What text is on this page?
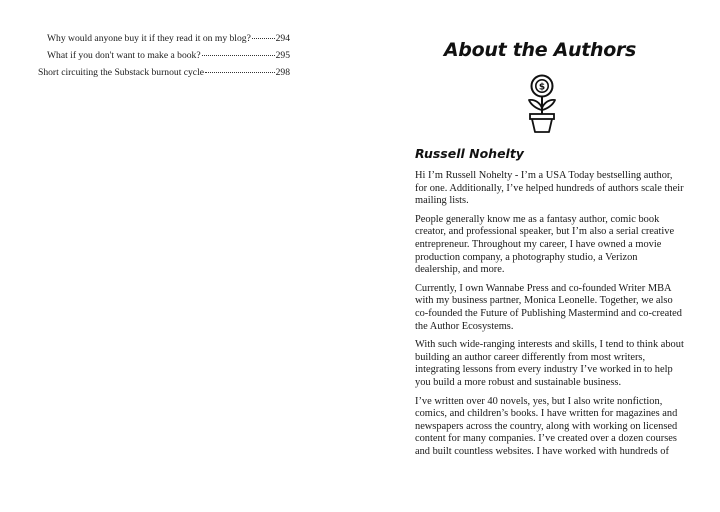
Why would anyone buy it if they read it on my blog?	294
What if you don't want to make a book?	295
Short circuiting the Substack burnout cycle	298
About the Authors
$
Russell Nohelty

Hi I’m Russell Nohelty - I’m a USA Today bestselling author, for one. Additionally, I’ve helped hundreds of authors scale their mailing lists.

People generally know me as a fantasy author, comic book creator, and professional speaker, but I’m also a serial creative entrepreneur. Throughout my career, I have owned a movie production company, a photography studio, a Verizon dealership, and more.

Currently, I own Wannabe Press and co-founded Writer MBA with my business partner, Monica Leonelle. Together, we also co-founded the Future of Publishing Mastermind and co-created the Author Ecosystems.

With such wide-ranging interests and skills, I tend to think about building an author career differently from most writers, integrating lessons from every industry I’ve worked in to help you build a more robust and sustainable business.

I’ve written over 40 novels, yes, but I also write nonfiction, comics, and children’s books. I have written for magazines and newspapers across the country, along with working on licensed content for many companies. I’ve created over a dozen courses and built countless websites. I have worked with hundreds of
